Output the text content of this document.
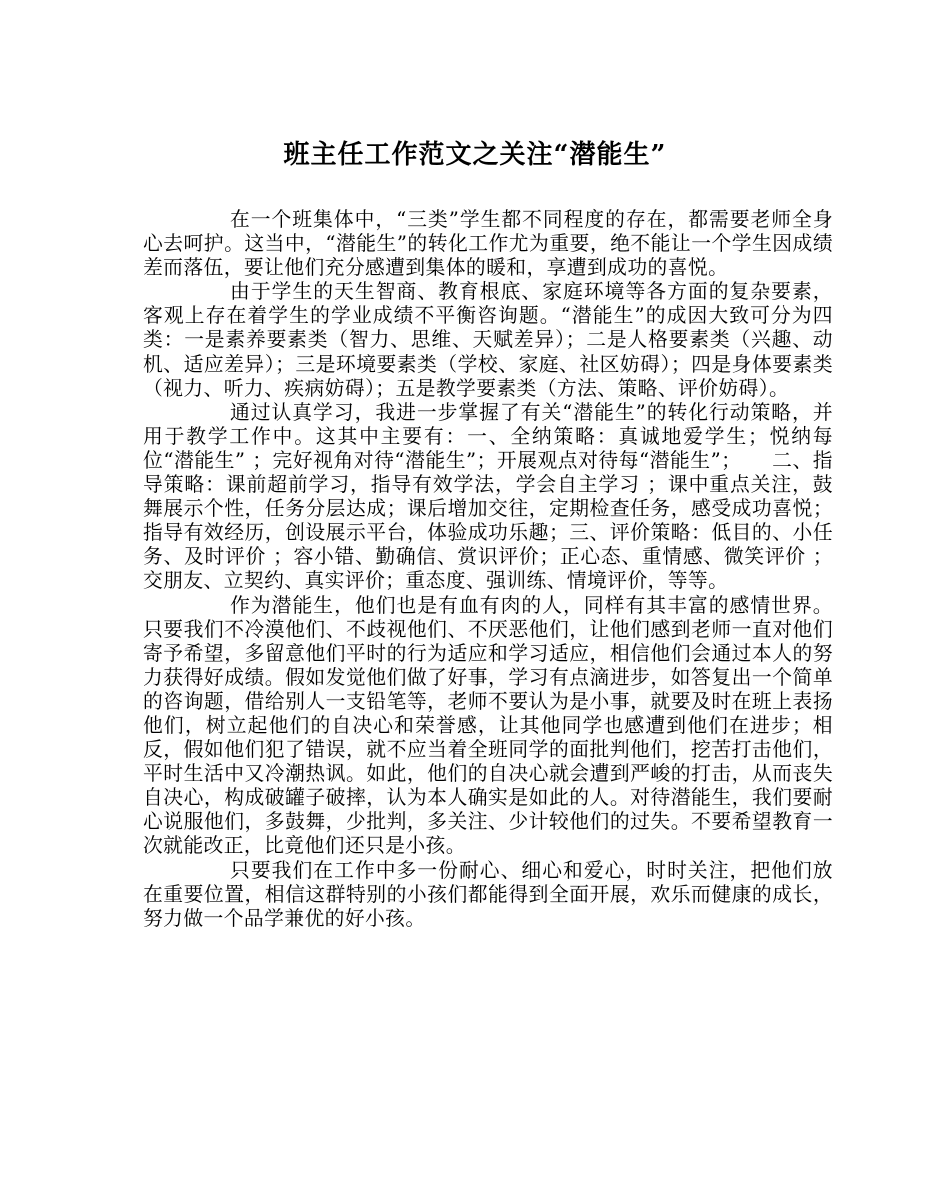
班主任工作范文之关注“潜能生”

在一个班集体中，“三类”学生都不同程度的存在，都需要老师全身心去呵护。这当中，“潜能生”的转化工作尤为重要，绝不能让一个学生因成绩差而落伍，要让他们充分感遭到集体的暖和，享遭到成功的喜悦。

由于学生的天生智商、教育根底、家庭环境等各方面的复杂要素，客观上存在着学生的学业成绩不平衡咨询题。“潜能生”的成因大致可分为四类：一是素养要素类（智力、思维、天赋差异）；二是人格要素类（兴趣、动机、适应差异）；三是环境要素类（学校、家庭、社区妨碍）；四是身体要素类（视力、听力、疾病妨碍）；五是教学要素类（方法、策略、评价妨碍）。

通过认真学习，我进一步掌握了有关“潜能生”的转化行动策略，并用于教学工作中。这其中主要有：一、全纳策略：真诚地爱学生；悦纳每位“潜能生” ；完好视角对待“潜能生”；开展观点对待每“潜能生”；　　二、指导策略：课前超前学习，指导有效学法，学会自主学习 ；课中重点关注，鼓舞展示个性，任务分层达成；课后增加交往，定期检查任务，感受成功喜悦；指导有效经历，创设展示平台，体验成功乐趣；三、评价策略：低目的、小任务、及时评价 ；容小错、勤确信、赏识评价；正心态、重情感、微笑评价 ；交朋友、立契约、真实评价；重态度、强训练、情境评价，等等。

作为潜能生，他们也是有血有肉的人，同样有其丰富的感情世界。只要我们不冷漠他们、不歧视他们、不厌恶他们，让他们感到老师一直对他们寄予希望，多留意他们平时的行为适应和学习适应，相信他们会通过本人的努力获得好成绩。假如发觉他们做了好事，学习有点滴进步，如答复出一个简单的咨询题，借给别人一支铅笔等，老师不要认为是小事，就要及时在班上表扬他们，树立起他们的自决心和荣誉感，让其他同学也感遭到他们在进步；相反，假如他们犯了错误，就不应当着全班同学的面批判他们，挖苦打击他们，平时生活中又冷潮热讽。如此，他们的自决心就会遭到严峻的打击，从而丧失自决心，构成破罐子破摔，认为本人确实是如此的人。对待潜能生，我们要耐心说服他们，多鼓舞，少批判，多关注、少计较他们的过失。不要希望教育一次就能改正，比竟他们还只是小孩。

只要我们在工作中多一份耐心、细心和爱心，时时关注，把他们放在重要位置，相信这群特别的小孩们都能得到全面开展，欢乐而健康的成长，努力做一个品学兼优的好小孩。
